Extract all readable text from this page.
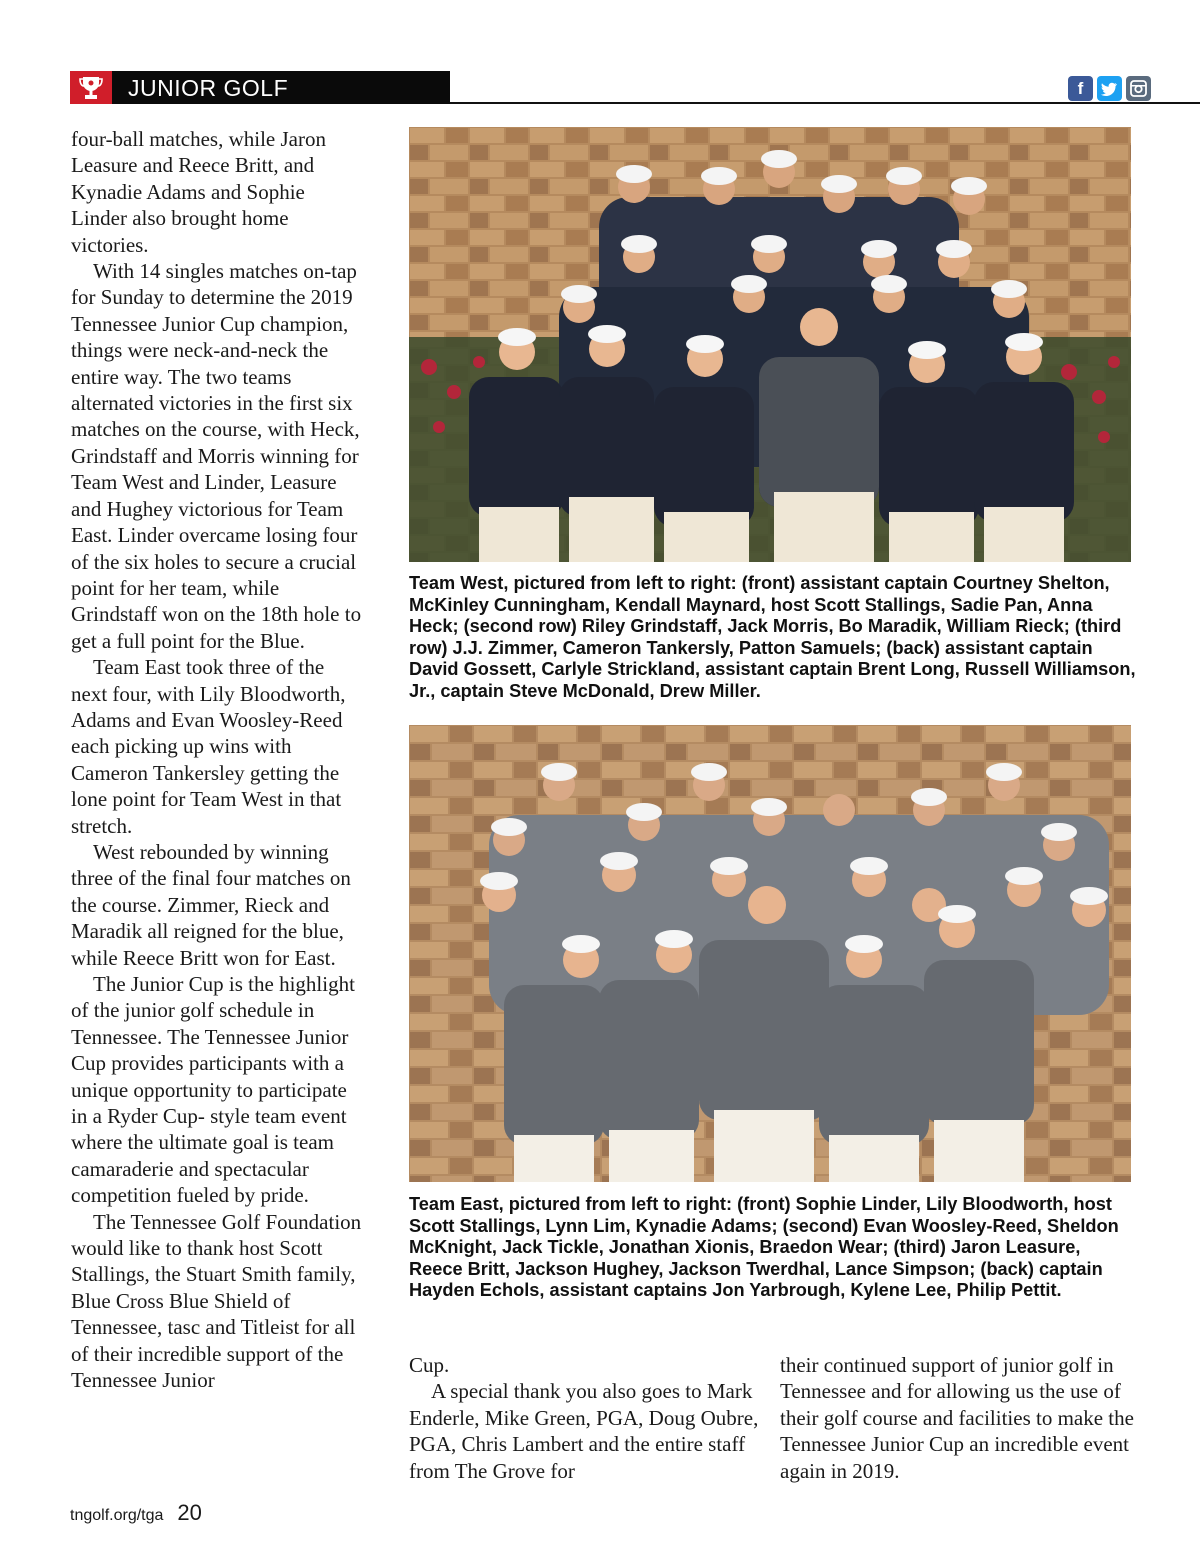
JUNIOR GOLF	f

four-ball matches, while Jaron Leasure and Reece Britt, and Kynadie Adams and Sophie Linder also brought home victories.

With 14 singles matches on-tap for Sunday to determine the 2019 Tennessee Junior Cup champion, things were neck-and-neck the entire way. The two teams alternated victories in the first six matches on the course, with Heck, Grindstaff and Morris winning for Team West and Linder, Leasure and Hughey victorious for Team East. Linder overcame losing four of the six holes to secure a crucial point for her team, while Grindstaff won on the 18th hole to get a full point for the Blue.

Team East took three of the next four, with Lily Bloodworth, Adams and Evan Woosley-Reed each picking up wins with Cameron Tankersley getting the lone point for Team West in that stretch.

West rebounded by winning three of the final four matches on the course. Zimmer, Rieck and Maradik all reigned for the blue, while Reece Britt won for East.

The Junior Cup is the highlight of the junior golf schedule in Tennessee. The Tennessee Junior Cup provides participants with a unique opportunity to participate in a Ryder Cup- style team event where the ultimate goal is team camaraderie and spectacular competition fueled by pride.

The Tennessee Golf Foundation would like to thank host Scott Stallings, the Stuart Smith family, Blue Cross Blue Shield of Tennessee, tasc and Titleist for all of their incredible support of the Tennessee Junior

Team West, pictured from left to right: (front) assistant captain Courtney Shelton, McKinley Cunningham, Kendall Maynard, host Scott Stallings, Sadie Pan, Anna Heck; (second row) Riley Grindstaff, Jack Morris, Bo Maradik, William Rieck; (third row) J.J. Zimmer, Cameron Tankersly, Patton Samuels; (back) assistant captain David Gossett, Carlyle Strickland, assistant captain Brent Long, Russell Williamson, Jr., captain Steve McDonald, Drew Miller.
Team East, pictured from left to right: (front) Sophie Linder, Lily Bloodworth, host Scott Stallings, Lynn Lim, Kynadie Adams; (second) Evan Woosley-Reed, Sheldon McKnight, Jack Tickle, Jonathan Xionis, Braedon Wear; (third) Jaron Leasure, Reece Britt, Jackson Hughey, Jackson Twerdhal, Lance Simpson; (back) captain Hayden Echols, assistant captains Jon Yarbrough, Kylene Lee, Philip Pettit.

Cup.

A special thank you also goes to Mark Enderle, Mike Green, PGA, Doug Oubre, PGA, Chris Lambert and the entire staff from The Grove for

their continued support of junior golf in Tennessee and for allowing us the use of their golf course and facilities to make the Tennessee Junior Cup an incredible event again in 2019.

tngolf.org/tga 20
